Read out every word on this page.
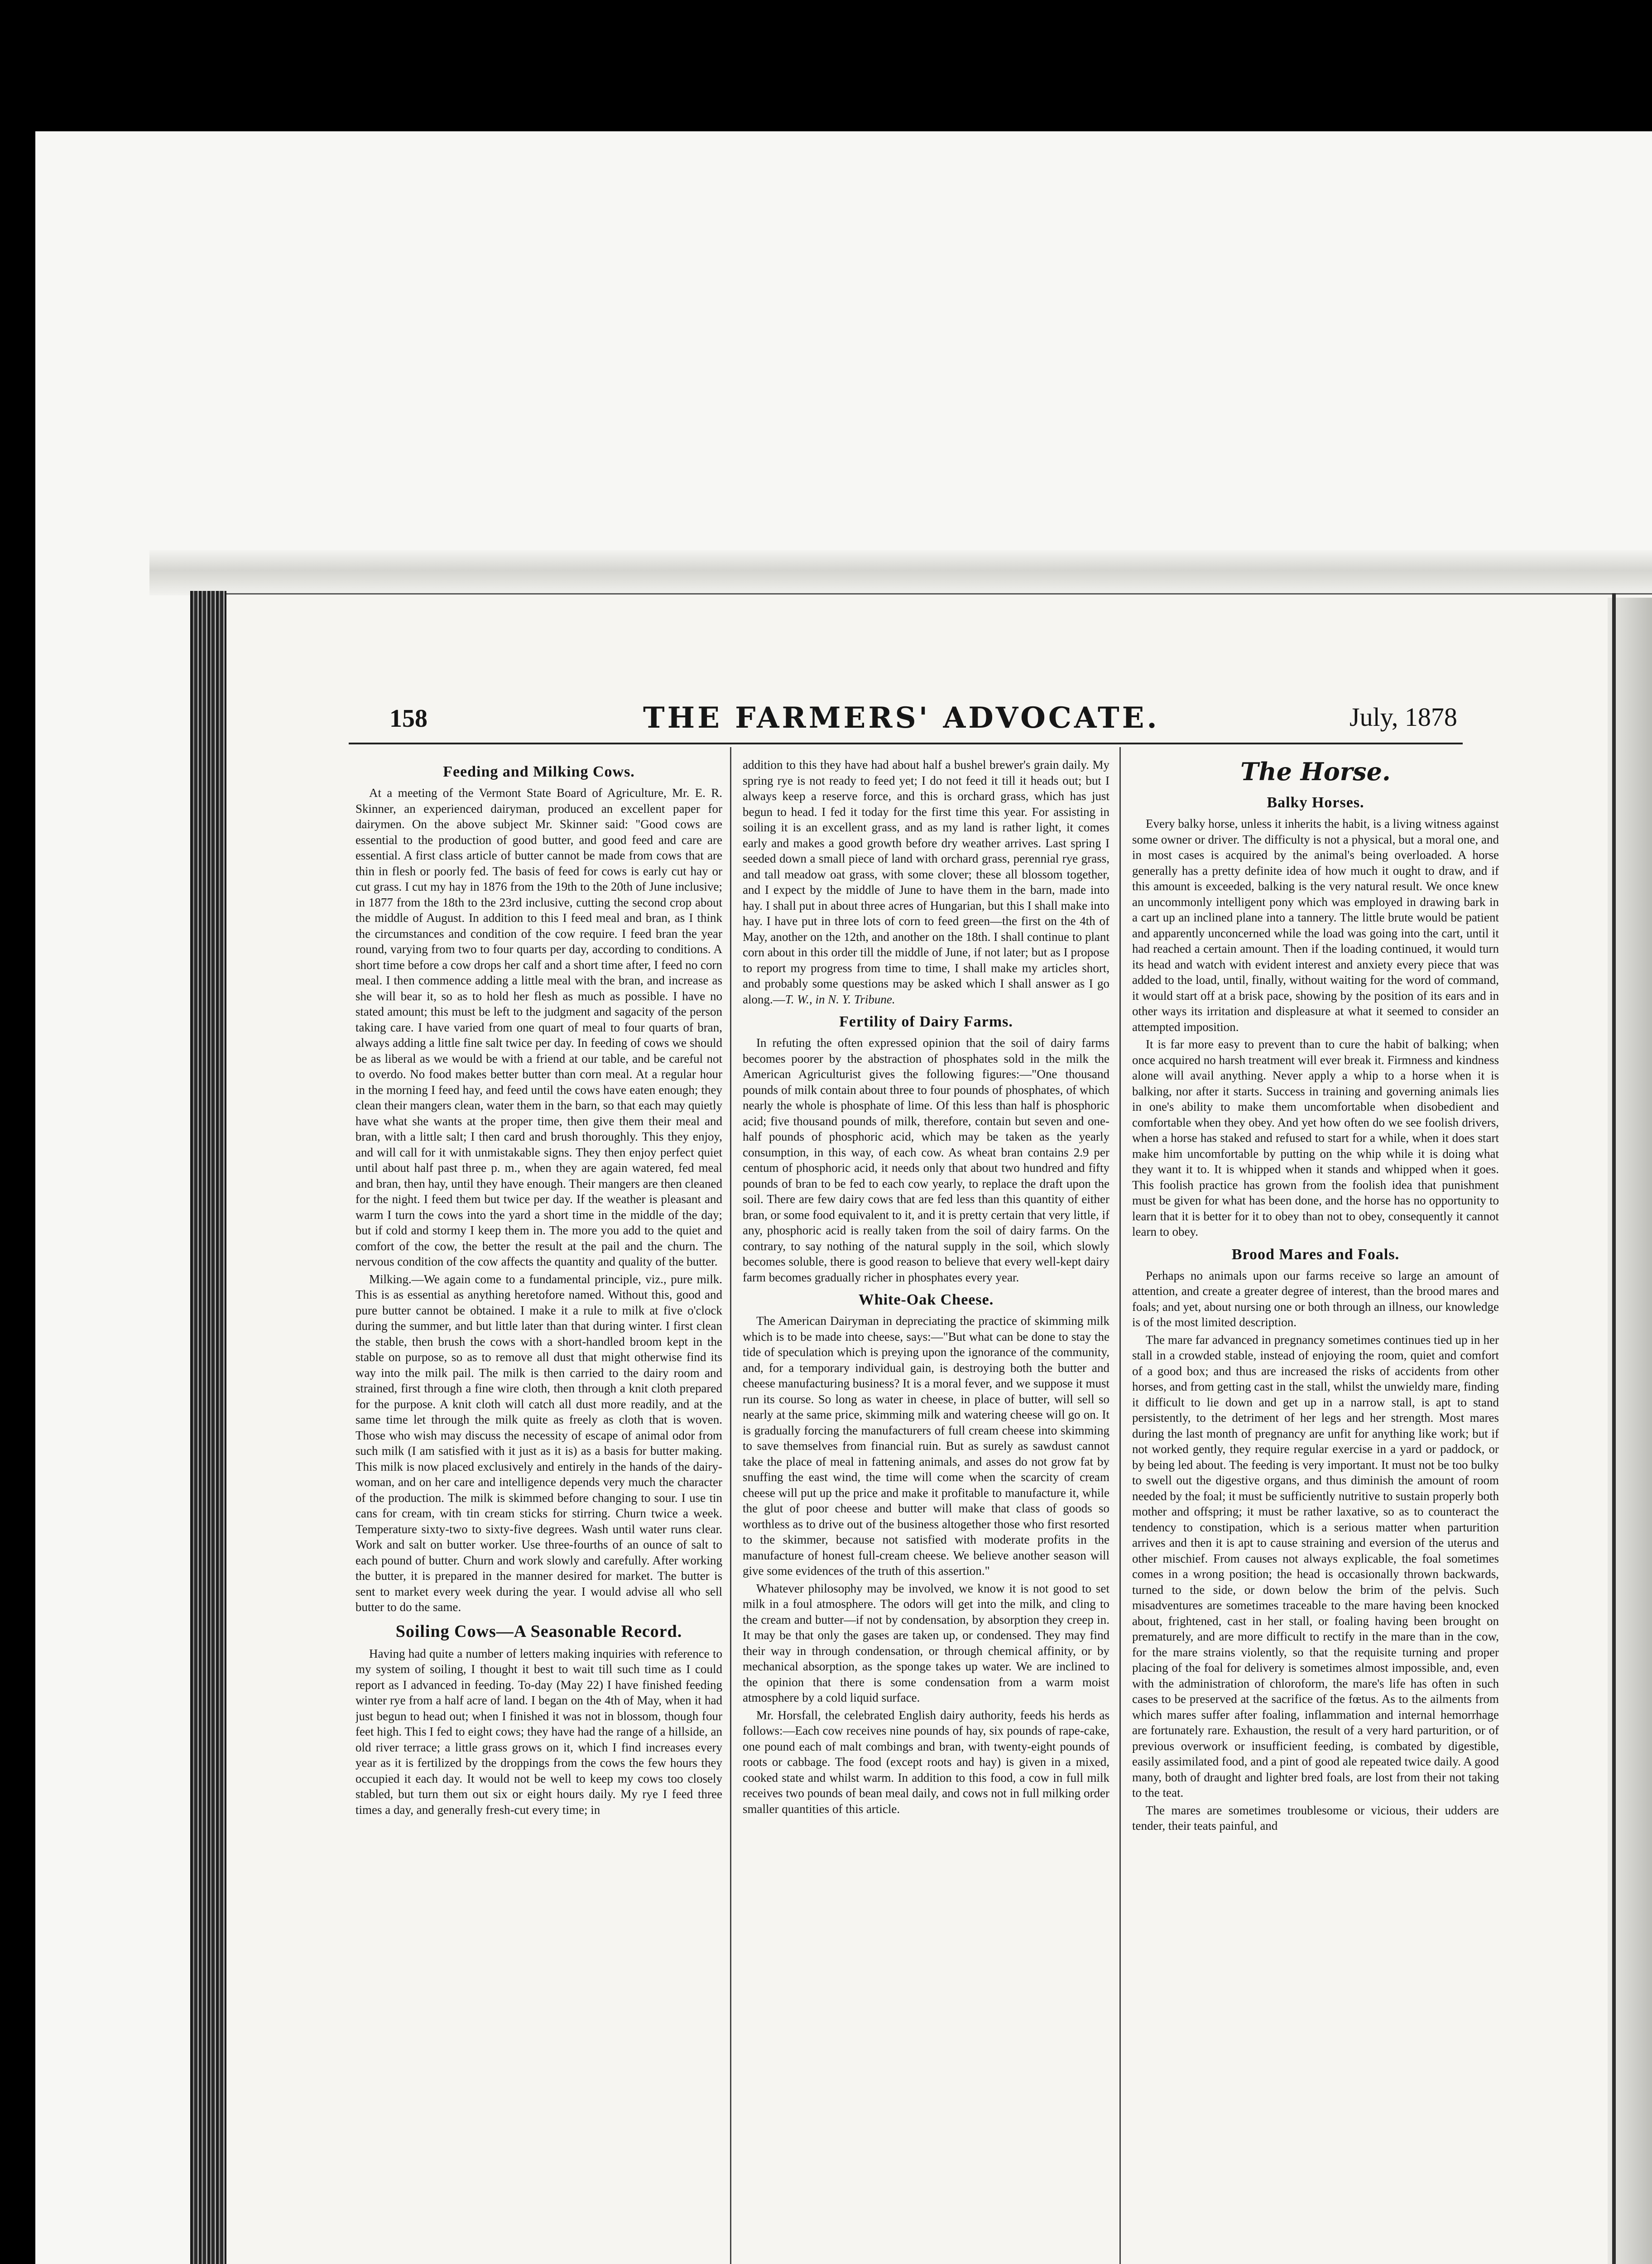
158	THE FARMERS' ADVOCATE.	July, 1878
Feeding and Milking Cows.

At a meeting of the Vermont State Board of Agriculture, Mr. E. R. Skinner, an experienced dairyman, produced an excellent paper for dairymen. On the above subject Mr. Skinner said: "Good cows are essential to the production of good butter, and good feed and care are essential. A first class article of butter cannot be made from cows that are thin in flesh or poorly fed. The basis of feed for cows is early cut hay or cut grass. I cut my hay in 1876 from the 19th to the 20th of June inclusive; in 1877 from the 18th to the 23rd inclusive, cutting the second crop about the middle of August. In addition to this I feed meal and bran, as I think the circumstances and condition of the cow require. I feed bran the year round, varying from two to four quarts per day, according to conditions. A short time before a cow drops her calf and a short time after, I feed no corn meal. I then commence adding a little meal with the bran, and increase as she will bear it, so as to hold her flesh as much as possible. I have no stated amount; this must be left to the judgment and sagacity of the person taking care. I have varied from one quart of meal to four quarts of bran, always adding a little fine salt twice per day. In feeding of cows we should be as liberal as we would be with a friend at our table, and be careful not to overdo. No food makes better butter than corn meal. At a regular hour in the morning I feed hay, and feed until the cows have eaten enough; they clean their mangers clean, water them in the barn, so that each may quietly have what she wants at the proper time, then give them their meal and bran, with a little salt; I then card and brush thoroughly. This they enjoy, and will call for it with unmistakable signs. They then enjoy perfect quiet until about half past three p. m., when they are again watered, fed meal and bran, then hay, until they have enough. Their mangers are then cleaned for the night. I feed them but twice per day. If the weather is pleasant and warm I turn the cows into the yard a short time in the middle of the day; but if cold and stormy I keep them in. The more you add to the quiet and comfort of the cow, the better the result at the pail and the churn. The nervous condition of the cow affects the quantity and quality of the butter.

Milking.—We again come to a fundamental principle, viz., pure milk. This is as essential as anything heretofore named. Without this, good and pure butter cannot be obtained. I make it a rule to milk at five o'clock during the summer, and but little later than that during winter. I first clean the stable, then brush the cows with a short-handled broom kept in the stable on purpose, so as to remove all dust that might otherwise find its way into the milk pail. The milk is then carried to the dairy room and strained, first through a fine wire cloth, then through a knit cloth prepared for the purpose. A knit cloth will catch all dust more readily, and at the same time let through the milk quite as freely as cloth that is woven. Those who wish may discuss the necessity of escape of animal odor from such milk (I am satisfied with it just as it is) as a basis for butter making. This milk is now placed exclusively and entirely in the hands of the dairy-woman, and on her care and intelligence depends very much the character of the production. The milk is skimmed before changing to sour. I use tin cans for cream, with tin cream sticks for stirring. Churn twice a week. Temperature sixty-two to sixty-five degrees. Wash until water runs clear. Work and salt on butter worker. Use three-fourths of an ounce of salt to each pound of butter. Churn and work slowly and carefully. After working the butter, it is prepared in the manner desired for market. The butter is sent to market every week during the year. I would advise all who sell butter to do the same.

Soiling Cows—A Seasonable Record.

Having had quite a number of letters making inquiries with reference to my system of soiling, I thought it best to wait till such time as I could report as I advanced in feeding. To-day (May 22) I have finished feeding winter rye from a half acre of land. I began on the 4th of May, when it had just begun to head out; when I finished it was not in blossom, though four feet high. This I fed to eight cows; they have had the range of a hillside, an old river terrace; a little grass grows on it, which I find increases every year as it is fertilized by the droppings from the cows the few hours they occupied it each day. It would not be well to keep my cows too closely stabled, but turn them out six or eight hours daily. My rye I feed three times a day, and generally fresh-cut every time; in

addition to this they have had about half a bushel brewer's grain daily. My spring rye is not ready to feed yet; I do not feed it till it heads out; but I always keep a reserve force, and this is orchard grass, which has just begun to head. I fed it today for the first time this year. For assisting in soiling it is an excellent grass, and as my land is rather light, it comes early and makes a good growth before dry weather arrives. Last spring I seeded down a small piece of land with orchard grass, perennial rye grass, and tall meadow oat grass, with some clover; these all blossom together, and I expect by the middle of June to have them in the barn, made into hay. I shall put in about three acres of Hungarian, but this I shall make into hay. I have put in three lots of corn to feed green—the first on the 4th of May, another on the 12th, and another on the 18th. I shall continue to plant corn about in this order till the middle of June, if not later; but as I propose to report my progress from time to time, I shall make my articles short, and probably some questions may be asked which I shall answer as I go along.—T. W., in N. Y. Tribune.

Fertility of Dairy Farms.

In refuting the often expressed opinion that the soil of dairy farms becomes poorer by the abstraction of phosphates sold in the milk the American Agriculturist gives the following figures:—"One thousand pounds of milk contain about three to four pounds of phosphates, of which nearly the whole is phosphate of lime. Of this less than half is phosphoric acid; five thousand pounds of milk, therefore, contain but seven and one-half pounds of phosphoric acid, which may be taken as the yearly consumption, in this way, of each cow. As wheat bran contains 2.9 per centum of phosphoric acid, it needs only that about two hundred and fifty pounds of bran to be fed to each cow yearly, to replace the draft upon the soil. There are few dairy cows that are fed less than this quantity of either bran, or some food equivalent to it, and it is pretty certain that very little, if any, phosphoric acid is really taken from the soil of dairy farms. On the contrary, to say nothing of the natural supply in the soil, which slowly becomes soluble, there is good reason to believe that every well-kept dairy farm becomes gradually richer in phosphates every year.

White-Oak Cheese.

The American Dairyman in depreciating the practice of skimming milk which is to be made into cheese, says:—"But what can be done to stay the tide of speculation which is preying upon the ignorance of the community, and, for a temporary individual gain, is destroying both the butter and cheese manufacturing business? It is a moral fever, and we suppose it must run its course. So long as water in cheese, in place of butter, will sell so nearly at the same price, skimming milk and watering cheese will go on. It is gradually forcing the manufacturers of full cream cheese into skimming to save themselves from financial ruin. But as surely as sawdust cannot take the place of meal in fattening animals, and asses do not grow fat by snuffing the east wind, the time will come when the scarcity of cream cheese will put up the price and make it profitable to manufacture it, while the glut of poor cheese and butter will make that class of goods so worthless as to drive out of the business altogether those who first resorted to the skimmer, because not satisfied with moderate profits in the manufacture of honest full-cream cheese. We believe another season will give some evidences of the truth of this assertion."

Whatever philosophy may be involved, we know it is not good to set milk in a foul atmosphere. The odors will get into the milk, and cling to the cream and butter—if not by condensation, by absorption they creep in. It may be that only the gases are taken up, or condensed. They may find their way in through condensation, or through chemical affinity, or by mechanical absorption, as the sponge takes up water. We are inclined to the opinion that there is some condensation from a warm moist atmosphere by a cold liquid surface.

Mr. Horsfall, the celebrated English dairy authority, feeds his herds as follows:—Each cow receives nine pounds of hay, six pounds of rape-cake, one pound each of malt combings and bran, with twenty-eight pounds of roots or cabbage. The food (except roots and hay) is given in a mixed, cooked state and whilst warm. In addition to this food, a cow in full milk receives two pounds of bean meal daily, and cows not in full milking order smaller quantities of this article.

The Horse.
Balky Horses.

Every balky horse, unless it inherits the habit, is a living witness against some owner or driver. The difficulty is not a physical, but a moral one, and in most cases is acquired by the animal's being overloaded. A horse generally has a pretty definite idea of how much it ought to draw, and if this amount is exceeded, balking is the very natural result. We once knew an uncommonly intelligent pony which was employed in drawing bark in a cart up an inclined plane into a tannery. The little brute would be patient and apparently unconcerned while the load was going into the cart, until it had reached a certain amount. Then if the loading continued, it would turn its head and watch with evident interest and anxiety every piece that was added to the load, until, finally, without waiting for the word of command, it would start off at a brisk pace, showing by the position of its ears and in other ways its irritation and displeasure at what it seemed to consider an attempted imposition.

It is far more easy to prevent than to cure the habit of balking; when once acquired no harsh treatment will ever break it. Firmness and kindness alone will avail anything. Never apply a whip to a horse when it is balking, nor after it starts. Success in training and governing animals lies in one's ability to make them uncomfortable when disobedient and comfortable when they obey. And yet how often do we see foolish drivers, when a horse has staked and refused to start for a while, when it does start make him uncomfortable by putting on the whip while it is doing what they want it to. It is whipped when it stands and whipped when it goes. This foolish practice has grown from the foolish idea that punishment must be given for what has been done, and the horse has no opportunity to learn that it is better for it to obey than not to obey, consequently it cannot learn to obey.

Brood Mares and Foals.

Perhaps no animals upon our farms receive so large an amount of attention, and create a greater degree of interest, than the brood mares and foals; and yet, about nursing one or both through an illness, our knowledge is of the most limited description.

The mare far advanced in pregnancy sometimes continues tied up in her stall in a crowded stable, instead of enjoying the room, quiet and comfort of a good box; and thus are increased the risks of accidents from other horses, and from getting cast in the stall, whilst the unwieldy mare, finding it difficult to lie down and get up in a narrow stall, is apt to stand persistently, to the detriment of her legs and her strength. Most mares during the last month of pregnancy are unfit for anything like work; but if not worked gently, they require regular exercise in a yard or paddock, or by being led about. The feeding is very important. It must not be too bulky to swell out the digestive organs, and thus diminish the amount of room needed by the foal; it must be sufficiently nutritive to sustain properly both mother and offspring; it must be rather laxative, so as to counteract the tendency to constipation, which is a serious matter when parturition arrives and then it is apt to cause straining and eversion of the uterus and other mischief. From causes not always explicable, the foal sometimes comes in a wrong position; the head is occasionally thrown backwards, turned to the side, or down below the brim of the pelvis. Such misadventures are sometimes traceable to the mare having been knocked about, frightened, cast in her stall, or foaling having been brought on prematurely, and are more difficult to rectify in the mare than in the cow, for the mare strains violently, so that the requisite turning and proper placing of the foal for delivery is sometimes almost impossible, and, even with the administration of chloroform, the mare's life has often in such cases to be preserved at the sacrifice of the fœtus. As to the ailments from which mares suffer after foaling, inflammation and internal hemorrhage are fortunately rare. Exhaustion, the result of a very hard parturition, or of previous overwork or insufficient feeding, is combated by digestible, easily assimilated food, and a pint of good ale repeated twice daily. A good many, both of draught and lighter bred foals, are lost from their not taking to the teat.

The mares are sometimes troublesome or vicious, their udders are tender, their teats painful, and
